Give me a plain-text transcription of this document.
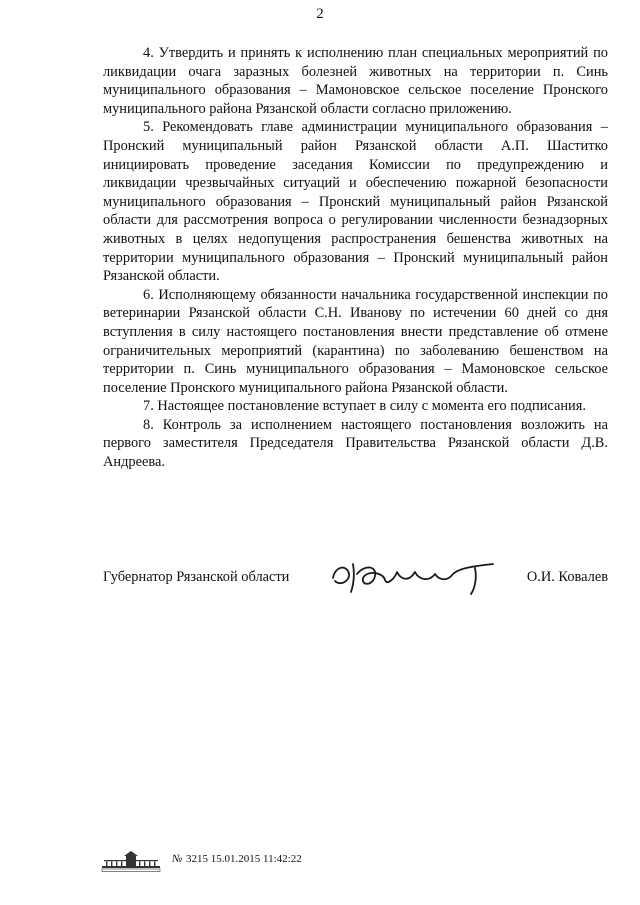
2

4. Утвердить и принять к исполнению план специальных мероприятий по ликвидации очага заразных болезней животных на территории п. Синь муниципального образования – Мамоновское сельское поселение Пронского муниципального района Рязанской области согласно приложению.

5. Рекомендовать главе администрации муниципального образования – Пронский муниципальный район Рязанской области А.П. Шаститко инициировать проведение заседания Комиссии по предупреждению и ликвидации чрезвычайных ситуаций и обеспечению пожарной безопасности муниципального образования – Пронский муниципальный район Рязанской области для рассмотрения вопроса о регулировании численности безнадзорных животных в целях недопущения распространения бешенства животных на территории муниципального образования – Пронский муниципальный район Рязанской области.

6. Исполняющему обязанности начальника государственной инспекции по ветеринарии Рязанской области С.Н. Иванову по истечении 60 дней со дня вступления в силу настоящего постановления внести представление об отмене ограничительных мероприятий (карантина) по заболеванию бешенством на территории п. Синь муниципального образования – Мамоновское сельское поселение Пронского муниципального района Рязанской области.

7. Настоящее постановление вступает в силу с момента его подписания.

8. Контроль за исполнением настоящего постановления возложить на первого заместителя Председателя Правительства Рязанской области Д.В. Андреева.

Губернатор Рязанской области	О.И. Ковалев
№ 3215 15.01.2015 11:42:22
